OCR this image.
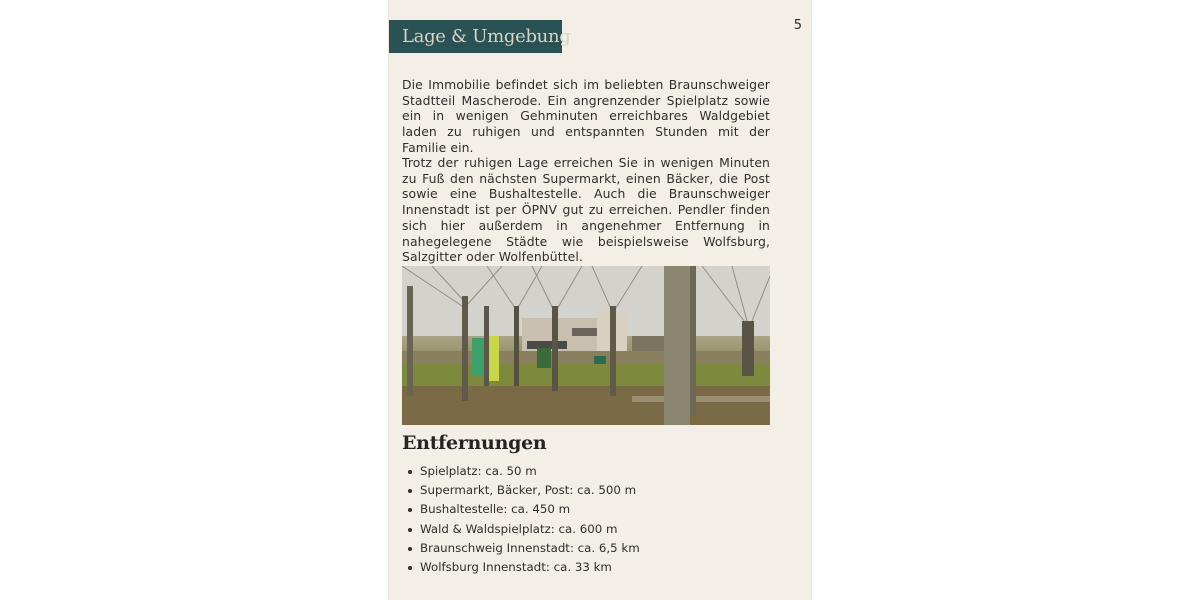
Lage & Umgebung
5

Die Immobilie befindet sich im beliebten Braunschweiger Stadtteil Mascherode. Ein angrenzender Spielplatz sowie ein in wenigen Gehminuten erreichbares Waldgebiet laden zu ruhigen und entspannten Stunden mit der Familie ein.

Trotz der ruhigen Lage erreichen Sie in wenigen Minuten zu Fuß den nächsten Supermarkt, einen Bäcker, die Post sowie eine Bushaltestelle. Auch die Braunschweiger Innenstadt ist per ÖPNV gut zu erreichen. Pendler finden sich hier außerdem in angenehmer Entfernung in nahegelegene Städte wie beispielsweise Wolfsburg, Salzgitter oder Wolfenbüttel.

Entfernungen
Spielplatz: ca. 50 m
Supermarkt, Bäcker, Post: ca. 500 m
Bushaltestelle: ca. 450 m
Wald & Waldspielplatz: ca. 600 m
Braunschweig Innenstadt: ca. 6,5 km
Wolfsburg Innenstadt: ca. 33 km
